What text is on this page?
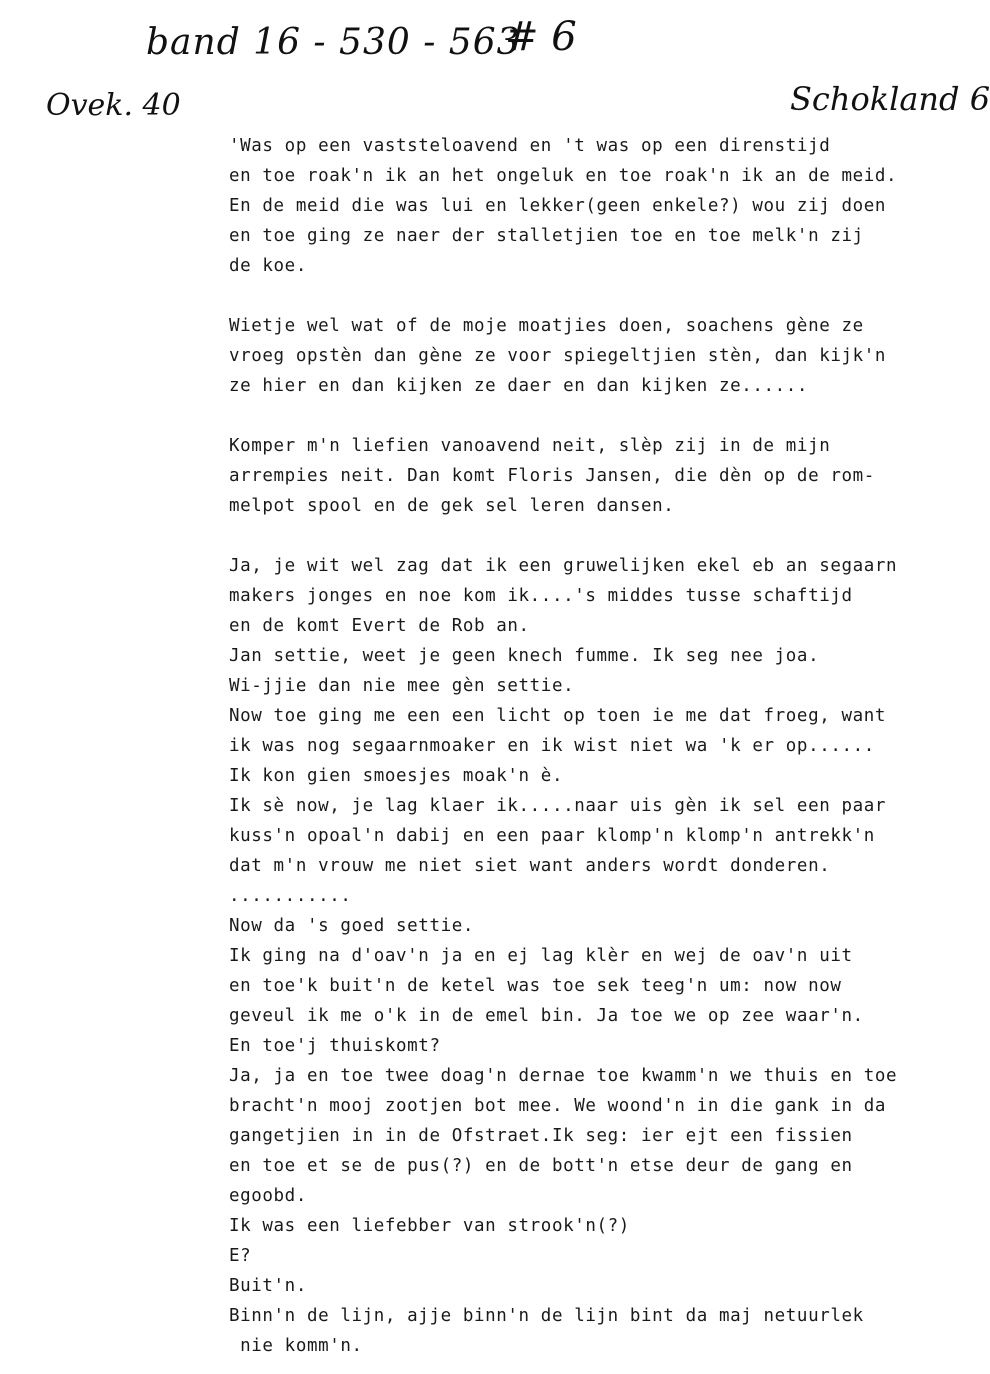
band 16 - 530 - 563
# 6
Ovek. 40	Schokland 6
'Was op een vaststeloavend en 't was op een direnstijd
en toe roak'n ik an het ongeluk en toe roak'n ik an de meid.
En de meid die was lui en lekker(geen enkele?) wou zij doen
en toe ging ze naer der stalletjien toe en toe melk'n zij
de koe.
Wietje wel wat of de moje moatjies doen, soachens gène ze
vroeg opstèn dan gène ze voor spiegeltjien stèn, dan kijk'n
ze hier en dan kijken ze daer en dan kijken ze......
Komper m'n liefien vanoavend neit, slèp zij in de mijn
arrempies neit. Dan komt Floris Jansen, die dèn op de rom-
melpot spool en de gek sel leren dansen.
Ja, je wit wel zag dat ik een gruwelijken ekel eb an segaarn
makers jonges en noe kom ik....'s middes tusse schaftijd
en de komt Evert de Rob an.
Jan settie, weet je geen knech fumme. Ik seg nee joa.
Wi-jjie dan nie mee gèn settie.
Now toe ging me een een licht op toen ie me dat froeg, want
ik was nog segaarnmoaker en ik wist niet wa 'k er op......
Ik kon gien smoesjes moak'n è.
Ik sè now, je lag klaer ik.....naar uis gèn ik sel een paar
kuss'n opoal'n dabij en een paar klomp'n klomp'n antrekk'n
dat m'n vrouw me niet siet want anders wordt donderen.
...........
Now da 's goed settie.
Ik ging na d'oav'n ja en ej lag klèr en wej de oav'n uit
en toe'k buit'n de ketel was toe sek teeg'n um: now now
geveul ik me o'k in de emel bin. Ja toe we op zee waar'n.
En toe'j thuiskomt?
Ja, ja en toe twee doag'n dernae toe kwamm'n we thuis en toe
bracht'n mooj zootjen bot mee. We woond'n in die gank in da
gangetjien in in de Ofstraet.Ik seg: ier ejt een fissien
en toe et se de pus(?) en de bott'n etse deur de gang en
egoobd.
Ik was een liefebber van strook'n(?)
E?
Buit'n.
Binn'n de lijn, ajje binn'n de lijn bint da maj netuurlek
nie komm'n.
